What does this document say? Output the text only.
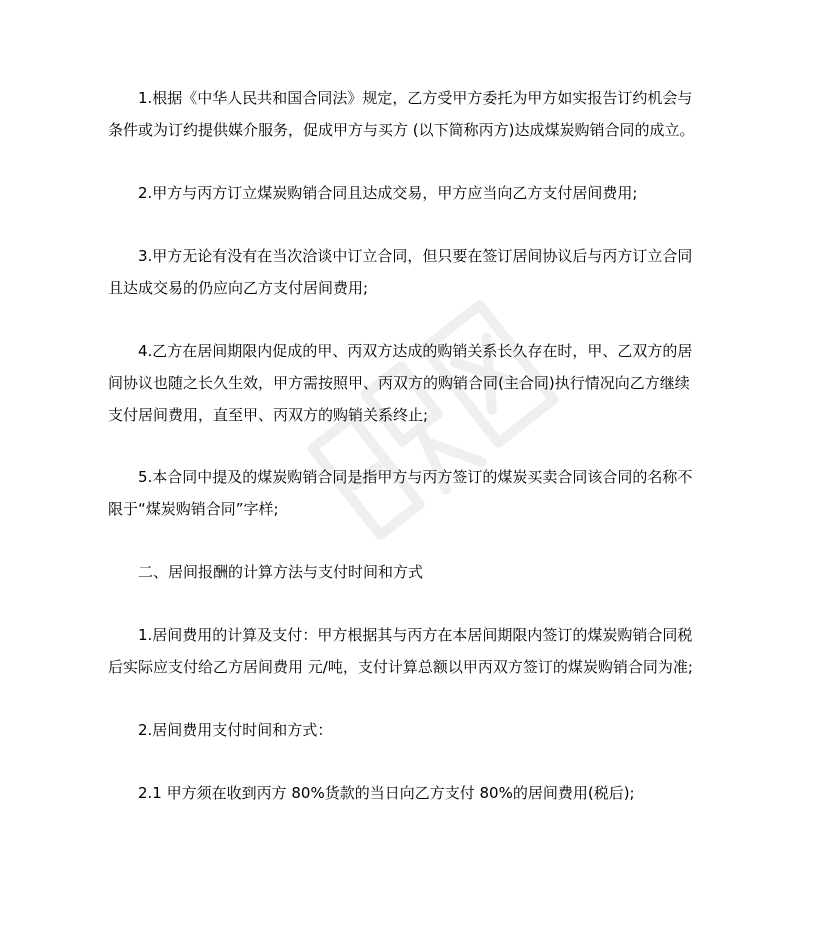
1.根据《中华人民共和国合同法》规定，乙方受甲方委托为甲方如实报告订约机会与
条件或为订约提供媒介服务，促成甲方与买方 (以下简称丙方)达成煤炭购销合同的成立。
2.甲方与丙方订立煤炭购销合同且达成交易，甲方应当向乙方支付居间费用;
3.甲方无论有没有在当次洽谈中订立合同，但只要在签订居间协议后与丙方订立合同
且达成交易的仍应向乙方支付居间费用;
4.乙方在居间期限内促成的甲、丙双方达成的购销关系长久存在时，甲、乙双方的居
间协议也随之长久生效，甲方需按照甲、丙双方的购销合同(主合同)执行情况向乙方继续
支付居间费用，直至甲、丙双方的购销关系终止;
5.本合同中提及的煤炭购销合同是指甲方与丙方签订的煤炭买卖合同该合同的名称不
限于“煤炭购销合同”字样;
二、居间报酬的计算方法与支付时间和方式
1.居间费用的计算及支付：甲方根据其与丙方在本居间期限内签订的煤炭购销合同税
后实际应支付给乙方居间费用 元/吨，支付计算总额以甲丙双方签订的煤炭购销合同为准;
2.居间费用支付时间和方式：
2.1 甲方须在收到丙方 80%货款的当日向乙方支付 80%的居间费用(税后);
